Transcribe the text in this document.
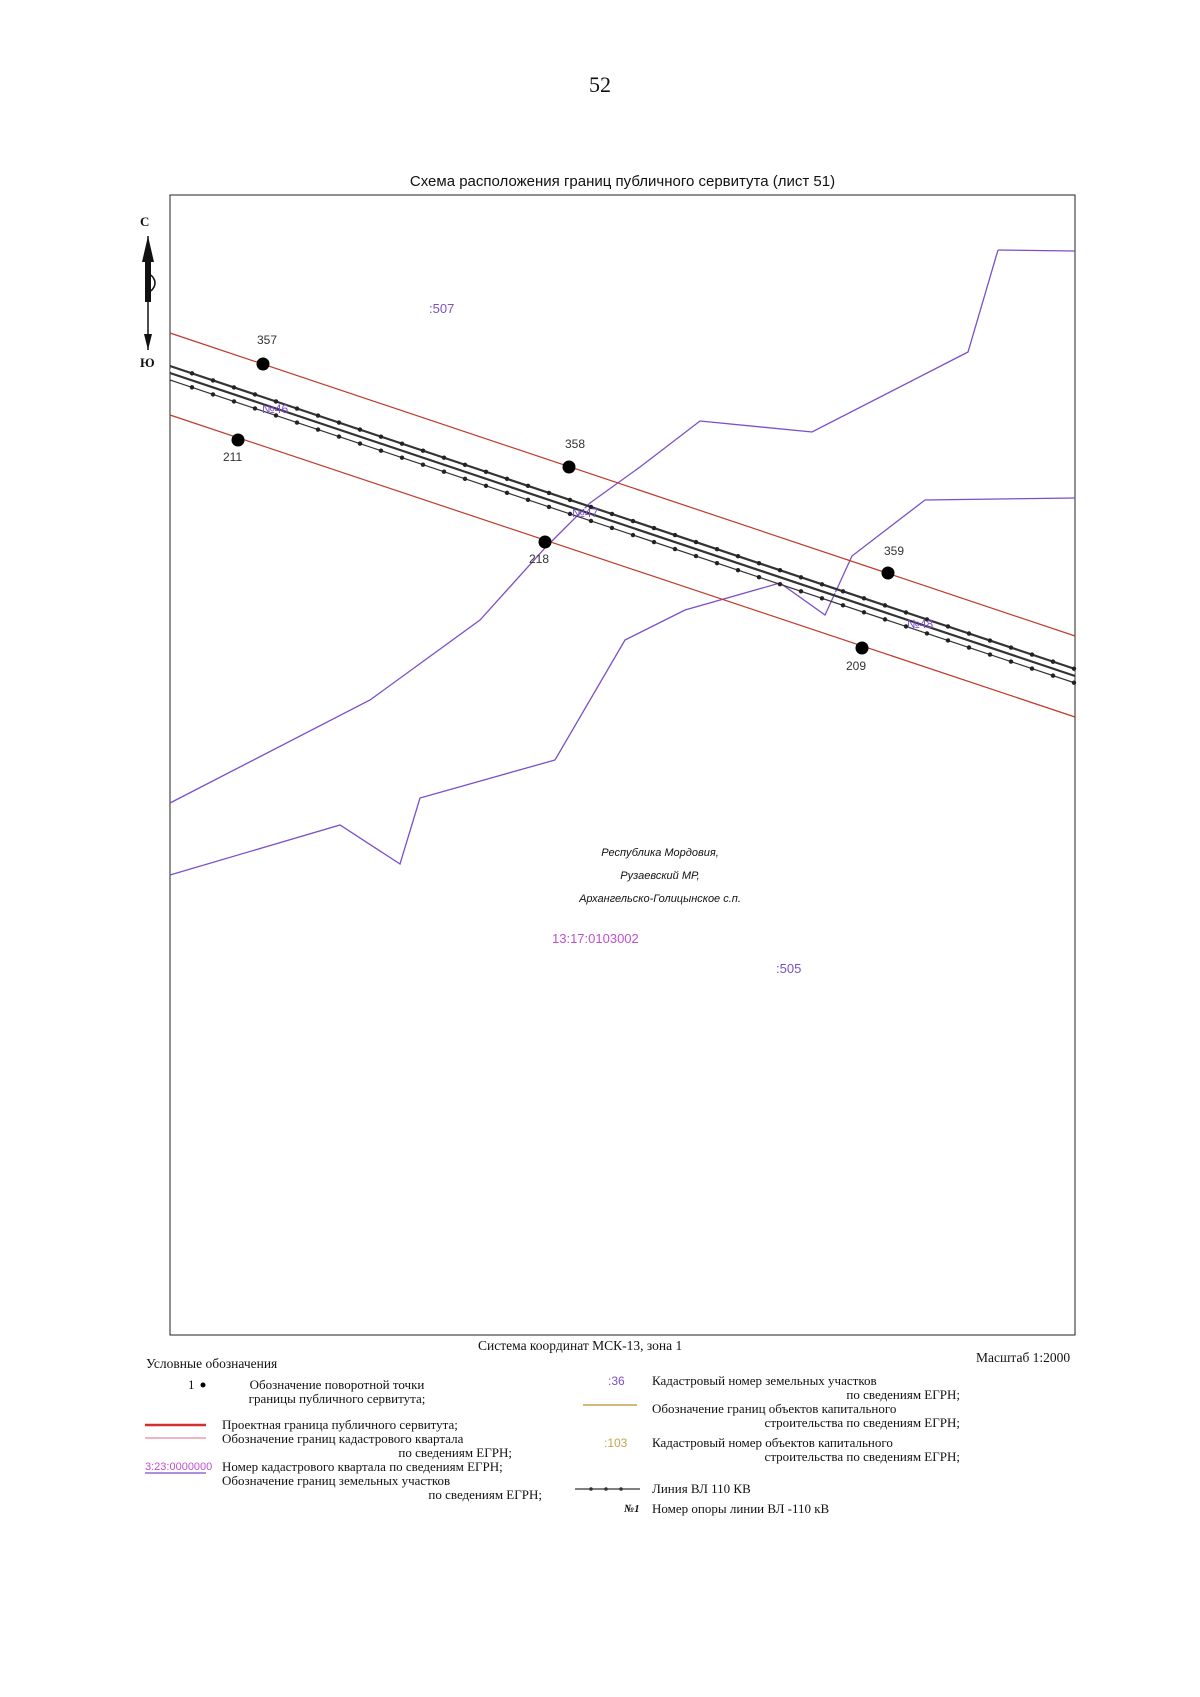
52
Схема расположения границ публичного сервитута (лист 51)
357
358
359
211
218
209
№46
№47
№48
:507
:505
13:17:0103002
С
Ю
Республика Мордовия,
Рузаевский МР,
Архангельско-Голицынское с.п.
Система координат МСК-13, зона 1
Масштаб 1:2000
Условные обозначения
1	Обозначение поворотной точки
границы публичного сервитута;
Проектная граница публичного сервитута;
Обозначение границ кадастрового квартала
по сведениям ЕГРН;
3:23:0000000 Номер кадастрового квартала по сведениям ЕГРН;
Обозначение границ земельных участков
по сведениям ЕГРН;
:36 Кадастровый номер земельных участков
по сведениям ЕГРН;
Обозначение границ объектов капитального
строительства по сведениям ЕГРН;
:103 Кадастровый номер объектов капитального
строительства по сведениям ЕГРН;
Линия ВЛ 110 КВ
№1 Номер опоры линии ВЛ -110 кВ
